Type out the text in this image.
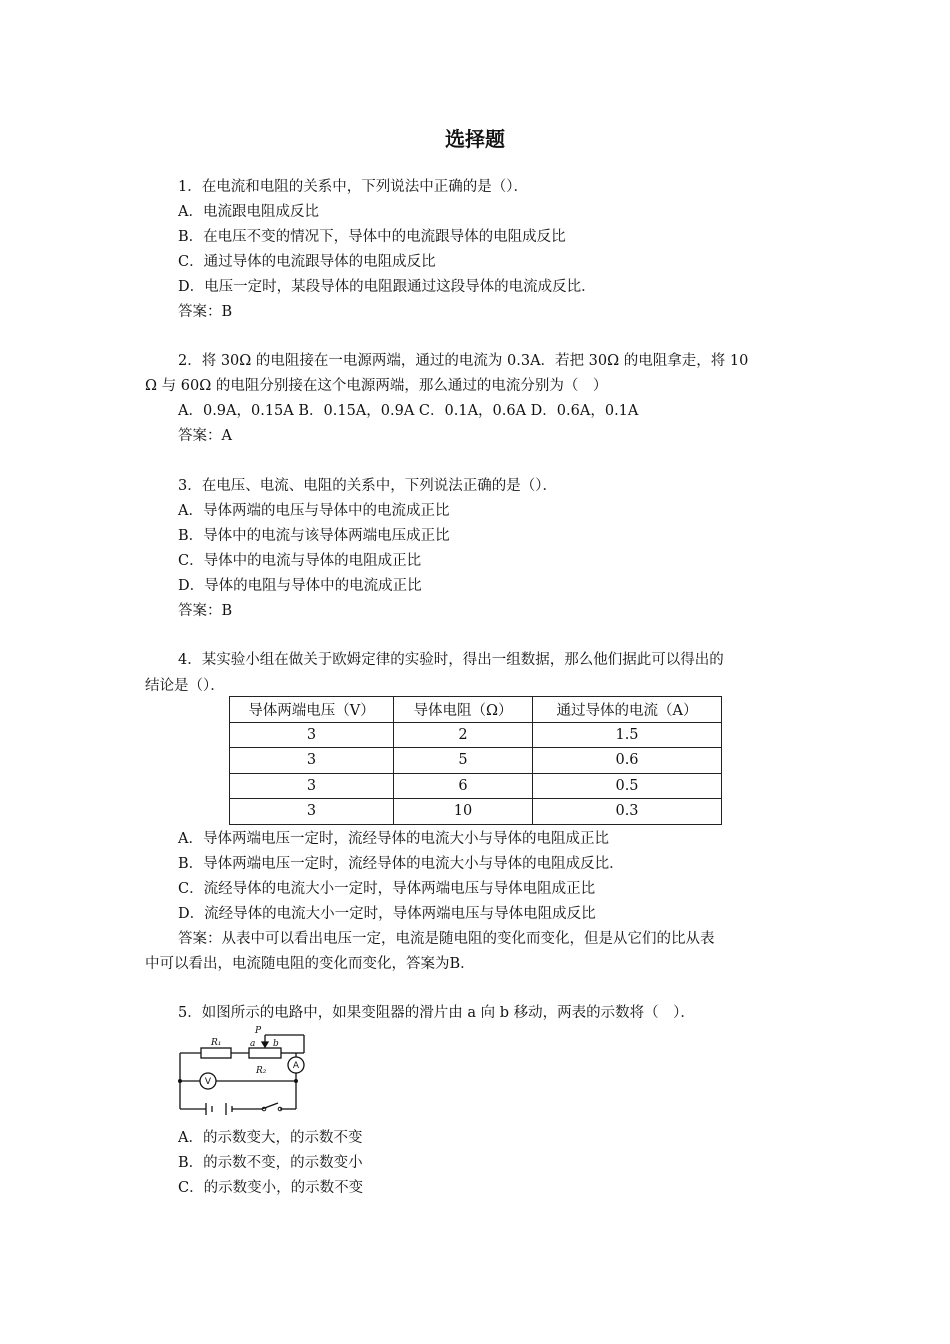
选择题
1．在电流和电阻的关系中，下列说法中正确的是（）．
A．电流跟电阻成反比
B．在电压不变的情况下，导体中的电流跟导体的电阻成反比
C．通过导体的电流跟导体的电阻成反比
D．电压一定时，某段导体的电阻跟通过这段导体的电流成反比．
答案：B
2．将 30Ω 的电阻接在一电源两端，通过的电流为 0.3A．若把 30Ω 的电阻拿走，将 10
Ω 与 60Ω 的电阻分别接在这个电源两端，那么通过的电流分别为（　）
A．0.9A，0.15A B．0.15A，0.9A C．0.1A，0.6A D．0.6A，0.1A
答案：A
3．在电压、电流、电阻的关系中，下列说法正确的是（）．
A．导体两端的电压与导体中的电流成正比
B．导体中的电流与该导体两端电压成正比
C．导体中的电流与导体的电阻成正比
D．导体的电阻与导体中的电流成正比
答案：B
4．某实验小组在做关于欧姆定律的实验时，得出一组数据，那么他们据此可以得出的
结论是（）．
导体两端电压（V）	导体电阻（Ω）	通过导体的电流（A）
3	2	1.5
3	5	0.6
3	6	0.5
3	10	0.3
A．导体两端电压一定时，流经导体的电流大小与导体的电阻成正比
B．导体两端电压一定时，流经导体的电流大小与导体的电阻成反比．
C．流经导体的电流大小一定时，导体两端电压与导体电阻成正比
D．流经导体的电流大小一定时，导体两端电压与导体电阻成反比
答案：从表中可以看出电压一定，电流是随电阻的变化而变化，但是从它们的比从表
中可以看出，电流随电阻的变化而变化，答案为B．
5．如图所示的电路中，如果变阻器的滑片由 a 向 b 移动，两表的示数将（　）．
R₁
R₂
P
a b
A
V
A．的示数变大，的示数不变
B．的示数不变，的示数变小
C．的示数变小，的示数不变
